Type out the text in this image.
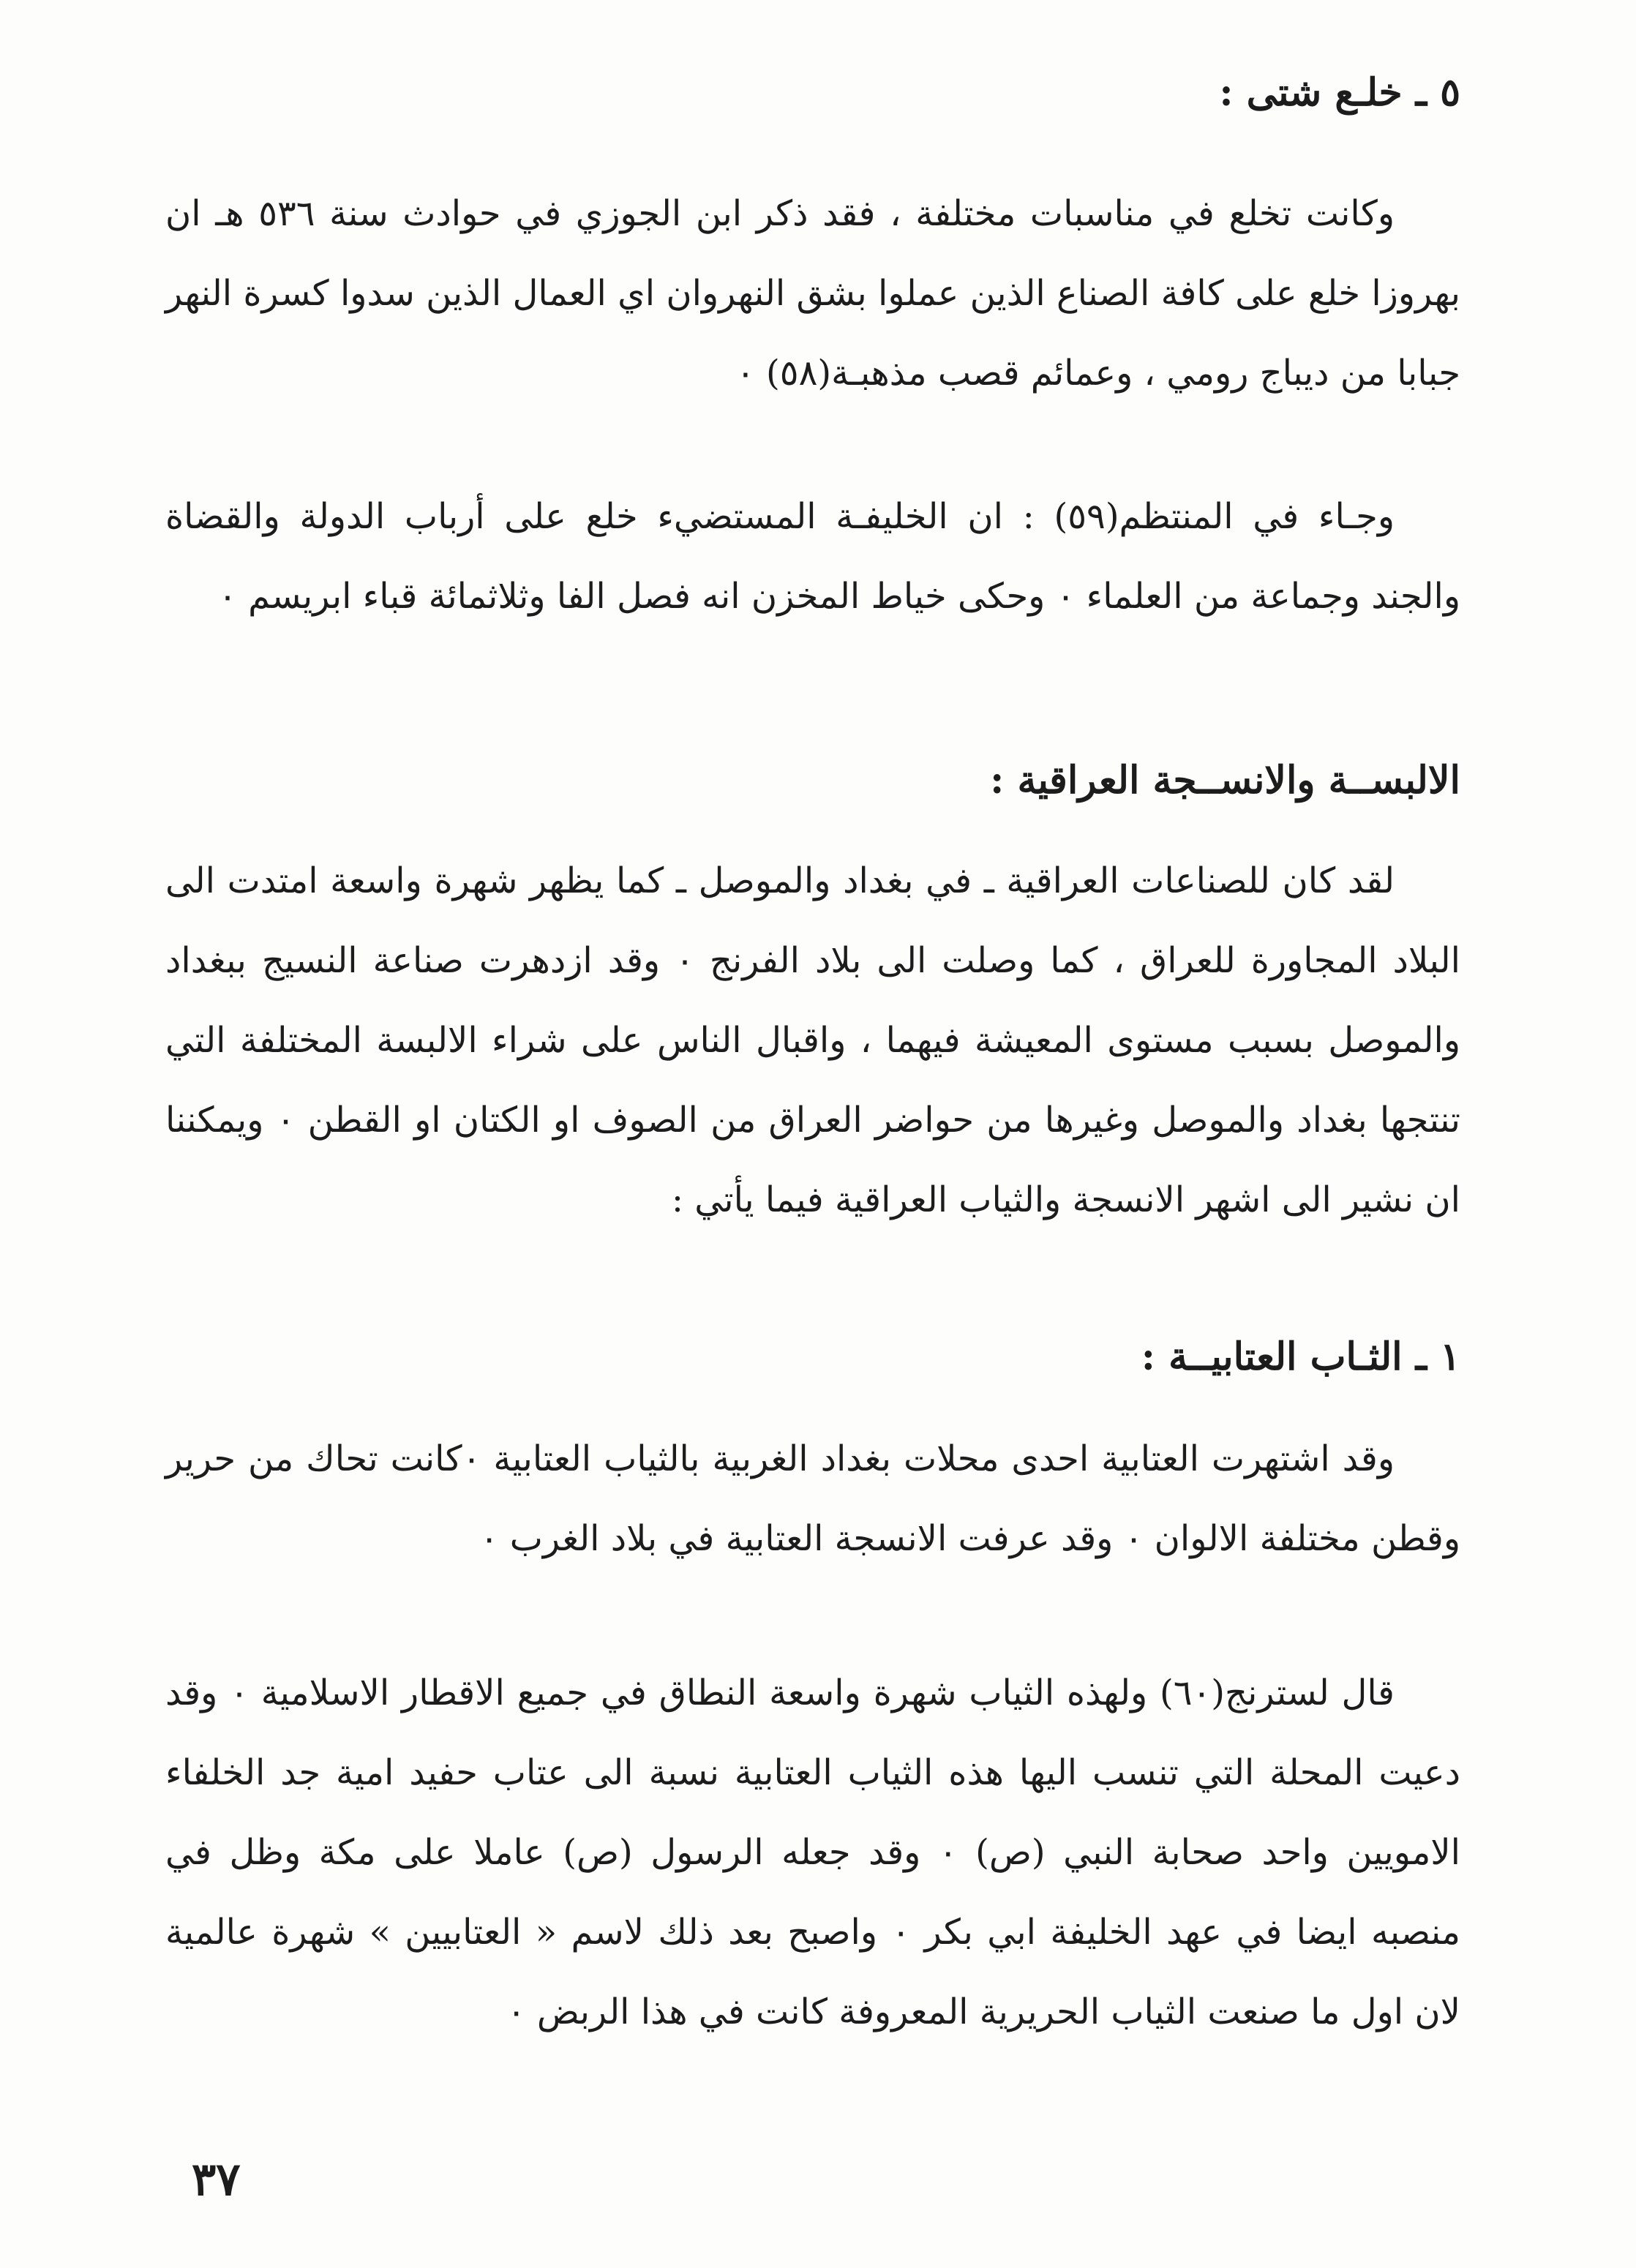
٥ ـ خلـع شتى :

وكانت تخلع في مناسبات مختلفة ، فقد ذكر ابن الجوزي في حوادث سنة ٥٣٦ هـ ان بهروزا خلع على كافة الصناع الذين عملوا بشق النهروان اي العمال الذين سدوا كسرة النهر جبابا من ديباج رومي ، وعمائم قصب مذهبـة(٥٨) ٠

وجـاء في المنتظم(٥٩) : ان الخليفـة المستضيء خلع على أرباب الدولة والقضاة والجند وجماعة من العلماء ٠ وحكى خياط المخزن انه فصل الفا وثلاثمائة قباء ابريسم ٠

الالبســة والانســجة العراقية :

لقد كان للصناعات العراقية ـ في بغداد والموصل ـ كما يظهر شهرة واسعة امتدت الى البلاد المجاورة للعراق ، كما وصلت الى بلاد الفرنج ٠ وقد ازدهرت صناعة النسيج ببغداد والموصل بسبب مستوى المعيشة فيهما ، واقبال الناس على شراء الالبسة المختلفة التي تنتجها بغداد والموصل وغيرها من حواضر العراق من الصوف او الكتان او القطن ٠ ويمكننا ان نشير الى اشهر الانسجة والثياب العراقية فيما يأتي :

١ ـ الثـاب العتابيــة :

وقد اشتهرت العتابية احدى محلات بغداد الغربية بالثياب العتابية ٠كانت تحاك من حرير وقطن مختلفة الالوان ٠ وقد عرفت الانسجة العتابية في بلاد الغرب ٠

قال لسترنج(٦٠) ولهذه الثياب شهرة واسعة النطاق في جميع الاقطار الاسلامية ٠ وقد دعيت المحلة التي تنسب اليها هذه الثياب العتابية نسبة الى عتاب حفيد امية جد الخلفاء الامويين واحد صحابة النبي (ص) ٠ وقد جعله الرسول (ص) عاملا على مكة وظل في منصبه ايضا في عهد الخليفة ابي بكر ٠ واصبح بعد ذلك لاسم « العتابيين » شهرة عالمية لان اول ما صنعت الثياب الحريرية المعروفة كانت في هذا الربض ٠

٣٧
